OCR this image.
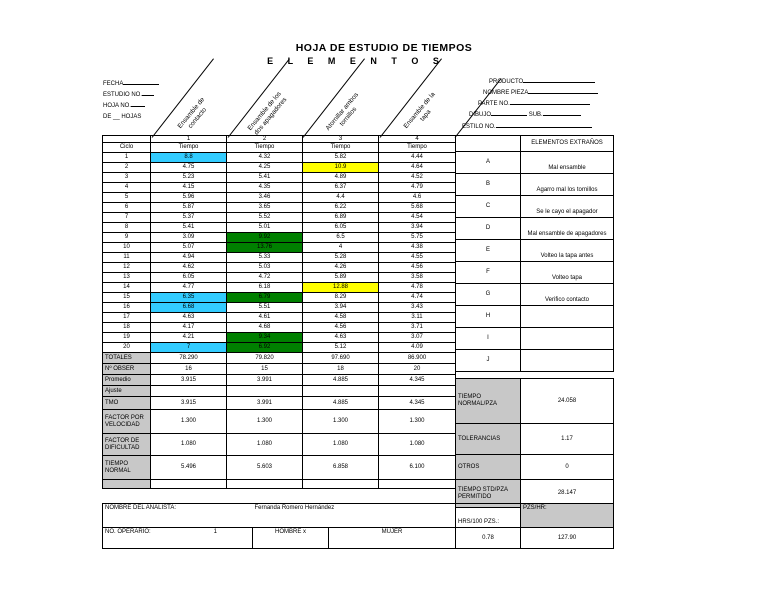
HOJA DE ESTUDIO DE TIEMPOS
E L E M E N T O S
FECHA
ESTUDIO NO.
HOJA NO.
DE __ HOJAS
PRODUCTO
NOMBRE PIEZA
PARTE NO.
DIBUJO	SUB.
ESTILO NO.
Ensamble de
contacto	Ensamble de los
dos apagadores	Atornillar ambos
tornillos	Ensamble de la
tapa
	1	2	3	4
Ciclo	Tiempo	Tiempo	Tiempo	Tiempo
1	8.8	4.32	5.82	4.44
2	4.75	4.25	10.9	4.64
3	5.23	5.41	4.89	4.52
4	4.15	4.35	6.37	4.79
5	5.96	3.46	4.4	4.6
6	5.87	3.65	6.22	5.68
7	5.37	5.52	6.89	4.54
8	5.41	5.01	6.05	3.94
9	3.09	9.92	6.5	5.75
10	5.07	13.76	4	4.38
11	4.94	5.33	5.28	4.55
12	4.62	5.03	4.26	4.56
13	6.05	4.72	5.89	3.58
14	4.77	6.18	12.88	4.78
15	6.35	6.79	8.29	4.74
16	6.68	5.51	3.94	3.43
17	4.63	4.61	4.58	3.11
18	4.17	4.68	4.56	3.71
19	4.21	9.34	4.63	3.07
20	7	6.92	5.12	4.09
TOTALES	78.290	79.820	97.690	86.900
Nº OBSER	16	15	18	20
Promedio	3.915	3.991	4.885	4.345
Ajuste				
TMO	3.915	3.991	4.885	4.345
FACTOR POR VELOCIDAD	1.300	1.300	1.300	1.300
FACTOR DE DIFICULTAD	1.080	1.080	1.080	1.080
TIEMPO NORMAL	5.496	5.603	6.858	6.100

	ELEMENTOS EXTRAÑOS
A	Mal ensamble
B	Agarro mal los tornillos
C	Se le cayo el apagador
D	Mal ensamble de apagadores
E	Volteo la tapa antes
F	Volteo tapa
G	Verifico contacto
H	
I	
J	
TIEMPO NORMAL/PZA	24.058
TOLERANCIAS	1.17
OTROS	0
TIEMPO STD/PZA PERMITIDO	28.147
NOMBRE DEL ANALISTA:	Fernanda Romero Hernández	HRS/100 PZS.:	PZS/HR:
NO. OPERARIO:	1	HOMBRE x	MUJER	0.78	127.90
